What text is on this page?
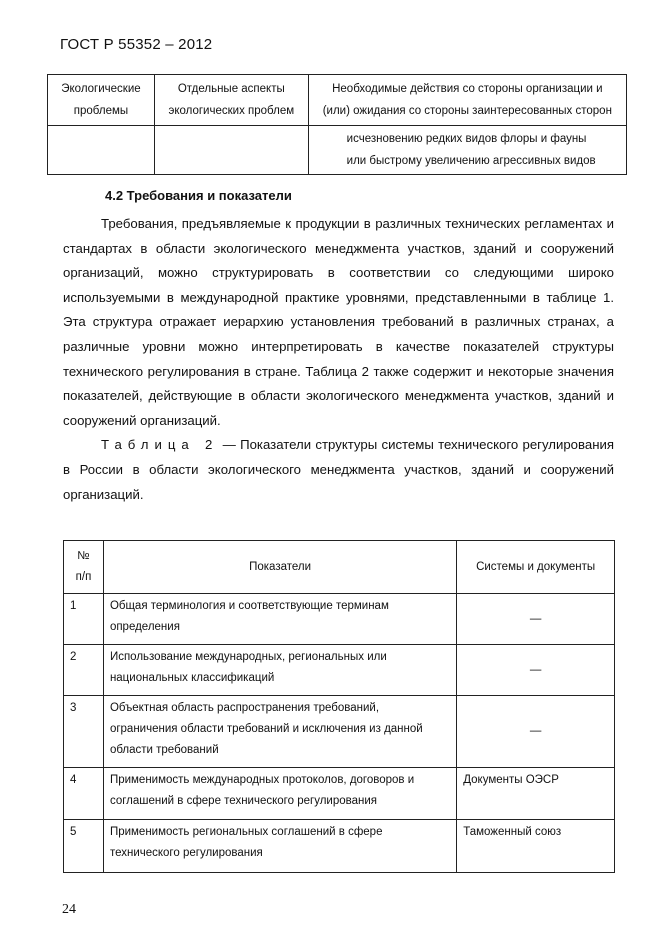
ГОСТ Р 55352 – 2012
Экологические
проблемы	Отдельные аспекты
экологических проблем	Необходимые действия со стороны организации и
(или) ожидания со стороны заинтересованных сторон

		исчезновению редких видов флоры и фауны
или быстрому увеличению агрессивных видов
4.2 Требования и показатели

Требования, предъявляемые к продукции в различных технических регламентах и стандартах в области экологического менеджмента участков, зданий и сооружений организаций, можно структурировать в соответствии со следующими широко используемыми в международной практике уровнями, представленными в таблице 1. Эта структура отражает иерархию установления требований в различных странах, а различные уровни можно интерпретировать в качестве показателей структуры технического регулирования в стране. Таблица 2 также содержит и некоторые значения показателей, действующие в области экологического менеджмента участков, зданий и сооружений организаций.

Таблица 2 — Показатели структуры системы технического регулирования в России в области экологического менеджмента участков, зданий и сооружений организаций.

№
п/п	Показатели	Системы и документы
1	Общая терминология и соответствующие терминам
определения	—
2	Использование международных, региональных или
национальных классификаций	—
3	Объектная область распространения требований,
ограничения области требований и исключения из данной
области требований	—
4	Применимость международных протоколов, договоров и
соглашений в сфере технического регулирования	Документы ОЭСР
5	Применимость региональных соглашений в сфере
технического регулирования	Таможенный союз
24
